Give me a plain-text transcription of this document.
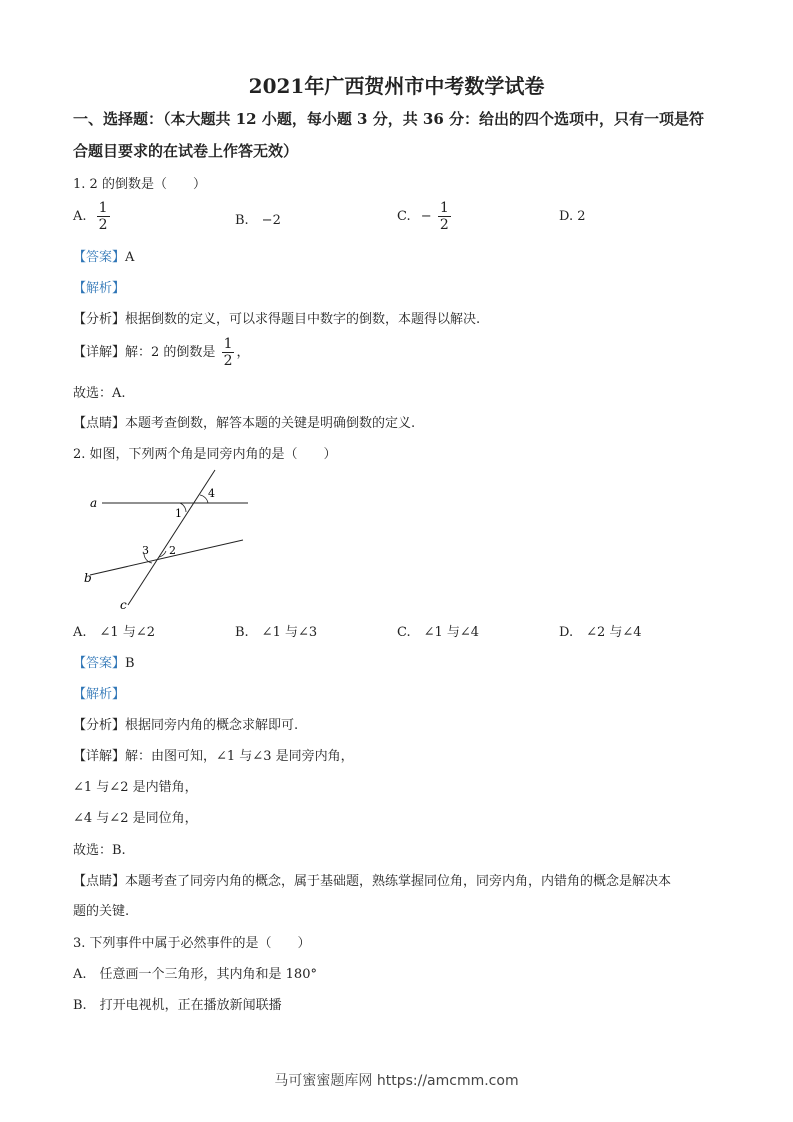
2021年广西贺州市中考数学试卷
一、选择题：（本大题共 12 小题，每小题 3 分，共 36 分：给出的四个选项中，只有一项是符
合题目要求的在试卷上作答无效）
1. 2 的倒数是（　　）
A. $\frac{1}{2}$	B.　−2	C. − $\frac{1}{2}$	D. 2
【答案】A
【解析】
【分析】根据倒数的定义，可以求得题目中数字的倒数，本题得以解决.
【详解】解：2 的倒数是 $\frac{1}{2}$ ，
故选：A.
【点睛】本题考查倒数，解答本题的关键是明确倒数的定义.
2. 如图，下列两个角是同旁内角的是（　　）
a
b
c
4
1
2
3
A.　∠1 与∠2	B.　∠1 与∠3	C.　∠1 与∠4	D.　∠2 与∠4
【答案】B
【解析】
【分析】根据同旁内角的概念求解即可.
【详解】解：由图可知，∠1 与∠3 是同旁内角，
∠1 与∠2 是内错角，
∠4 与∠2 是同位角，
故选：B.
【点睛】本题考查了同旁内角的概念，属于基础题，熟练掌握同位角，同旁内角，内错角的概念是解决本
题的关键.
3. 下列事件中属于必然事件的是（　　）
A.　任意画一个三角形，其内角和是 180°
B.　打开电视机，正在播放新闻联播
马可蜜蜜题库网 https://amcmm.com
